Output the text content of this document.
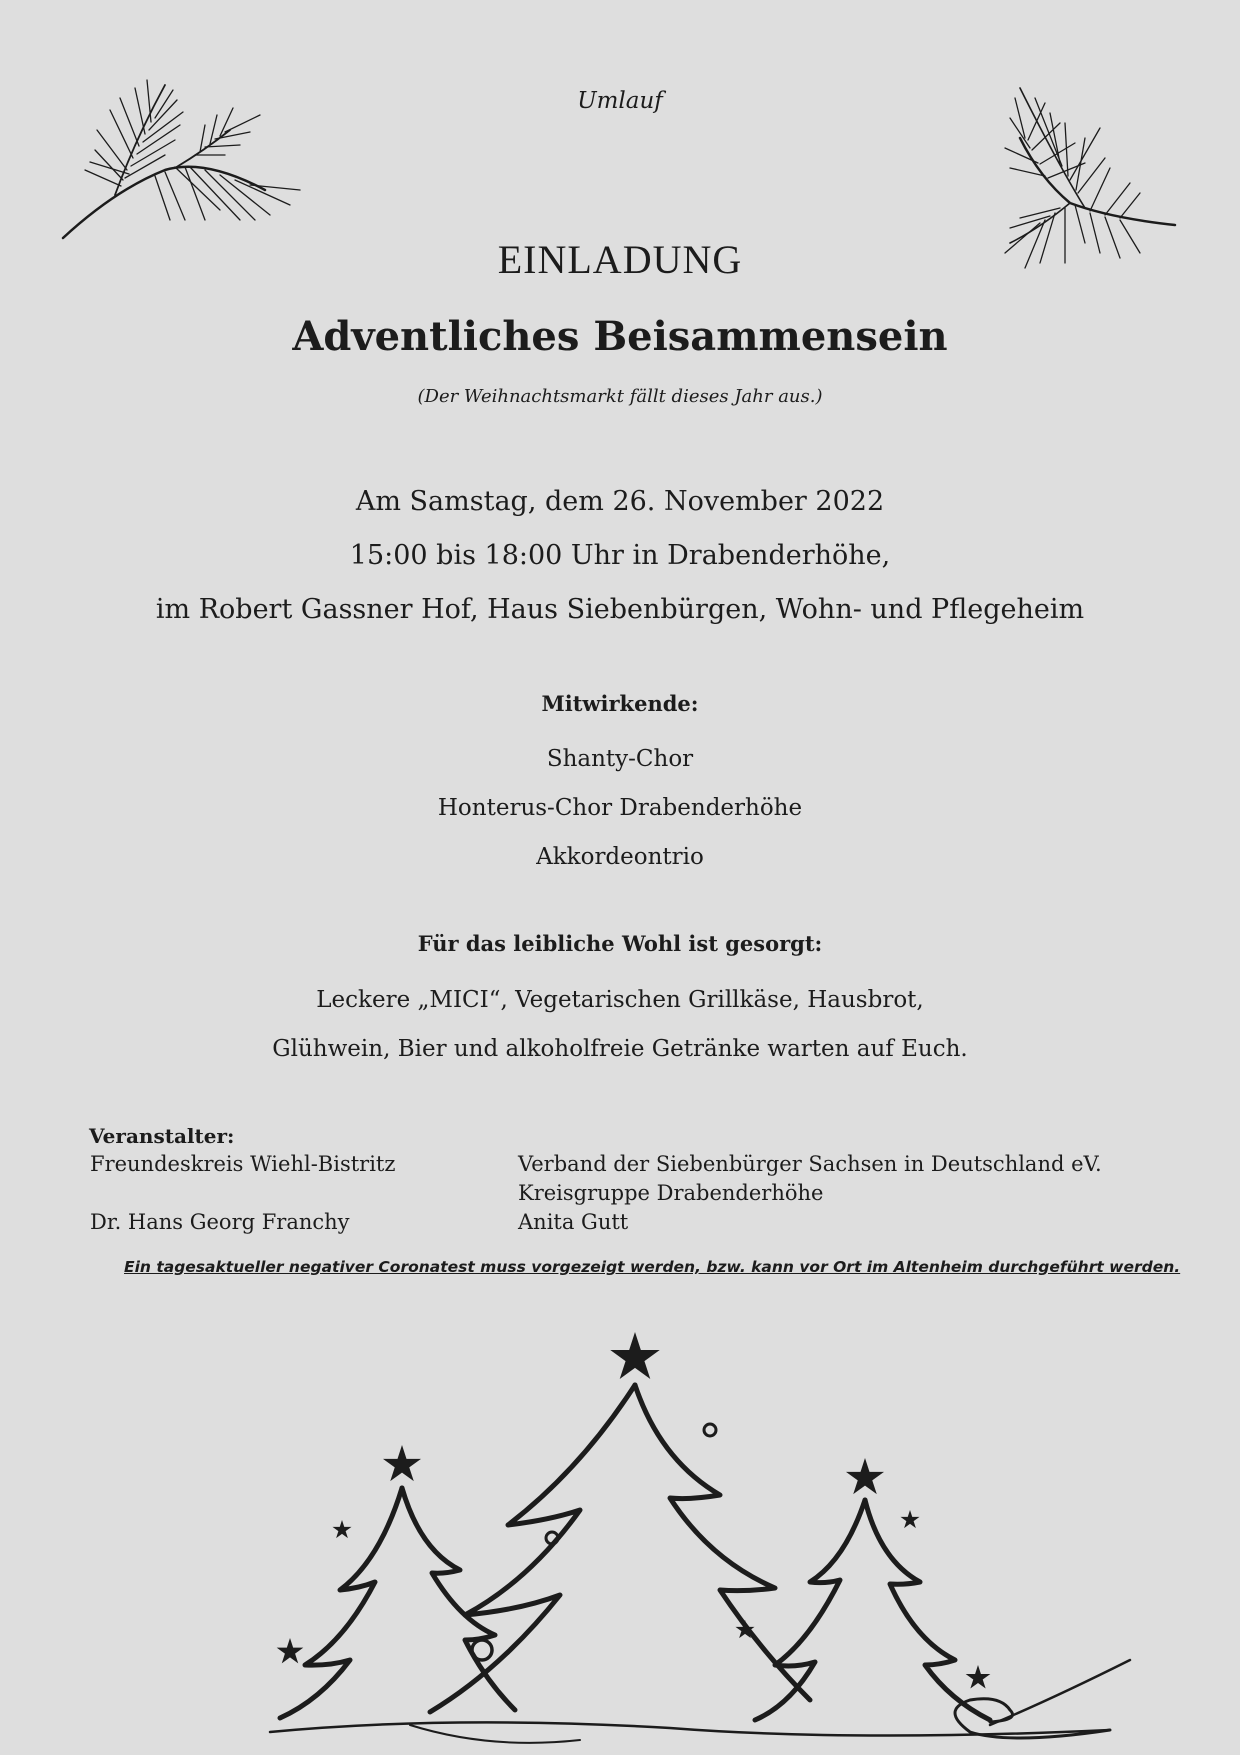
Umlauf
EINLADUNG
Adventliches Beisammensein
(Der Weihnachtsmarkt fällt dieses Jahr aus.)
Am Samstag, dem 26. November 2022
15:00 bis 18:00 Uhr in Drabenderhöhe,
im Robert Gassner Hof, Haus Siebenbürgen, Wohn- und Pflegeheim
Mitwirkende:
Shanty-Chor
Honterus-Chor Drabenderhöhe
Akkordeontrio
Für das leibliche Wohl ist gesorgt:
Leckere „MICI“, Vegetarischen Grillkäse, Hausbrot,
Glühwein, Bier und alkoholfreie Getränke warten auf Euch.
Veranstalter:
Freundeskreis Wiehl-Bistritz
Dr. Hans Georg Franchy
Verband der Siebenbürger Sachsen in Deutschland eV.
Kreisgruppe Drabenderhöhe
Anita Gutt
Ein tagesaktueller negativer Coronatest muss vorgezeigt werden, bzw. kann vor Ort im Altenheim durchgeführt werden.
